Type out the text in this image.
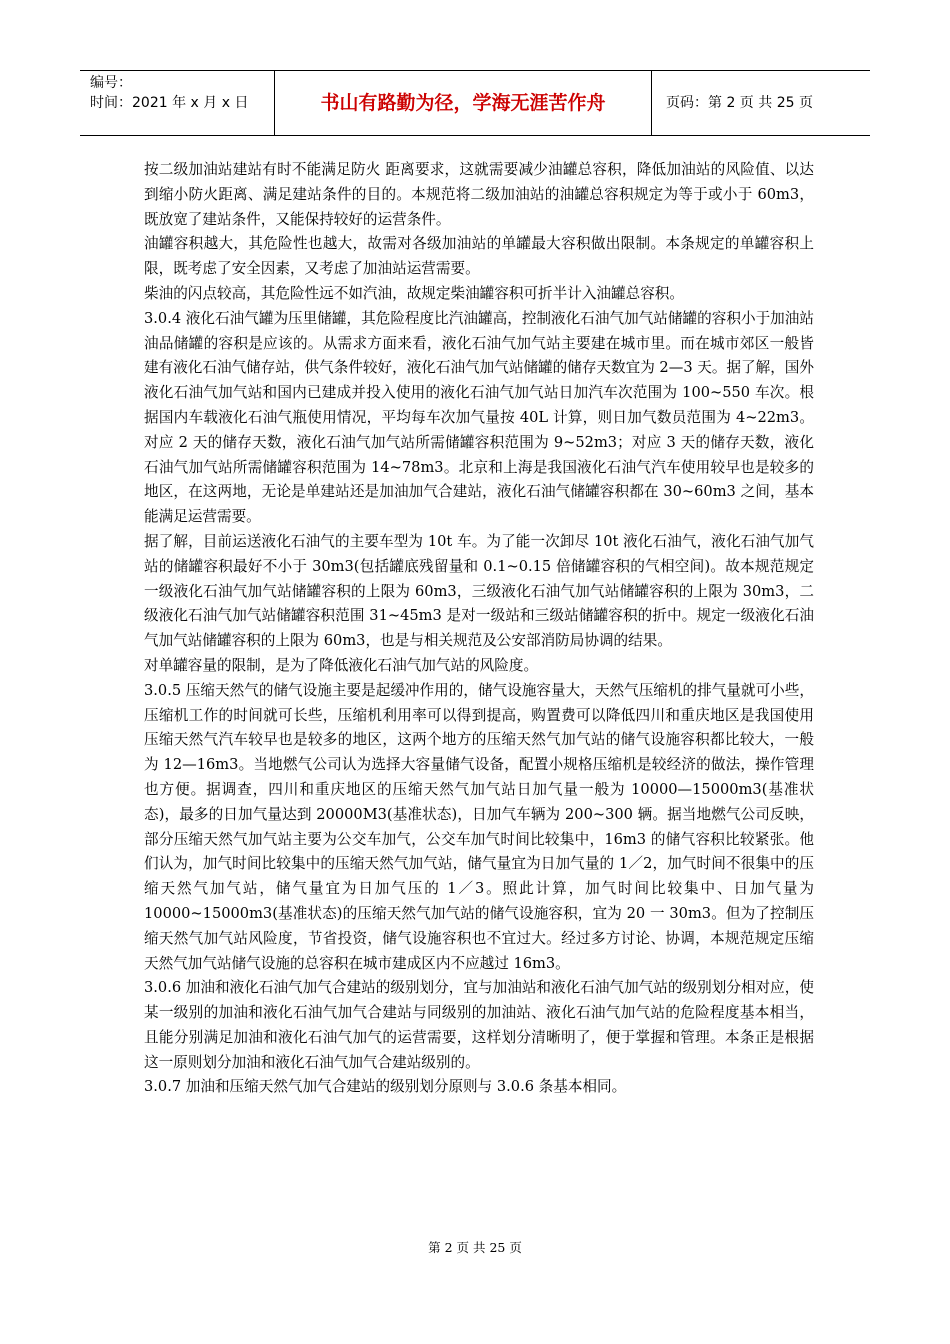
编号：
时间：2021 年 x 月 x 日	书山有路勤为径，学海无涯苦作舟	页码：第 2 页 共 25 页

按二级加油站建站有时不能满足防火 距离要求，这就需要减少油罐总容积，降低加油站的风险值、以达 到缩小防火距离、满足建站条件的目的。本规范将二级加油站的油罐总容积规定为等于或小于 60m3，既放宽了建站条件，又能保持较好的运营条件。

油罐容积越大，其危险性也越大，故需对各级加油站的单罐最大容积做出限制。本条规定的单罐容积上限，既考虑了安全因素，又考虑了加油站运营需要。

柴油的闪点较高，其危险性远不如汽油，故规定柴油罐容积可折半计入油罐总容积。

3.0.4 液化石油气罐为压里储罐，其危险程度比汽油罐高，控制液化石油气加气站储罐的容积小于加油站油品储罐的容积是应该的。从需求方面来看，液化石油气加气站主要建在城市里。而在城市郊区一般皆建有液化石油气储存站，供气条件较好，液化石油气加气站储罐的储存天数宜为 2—3 天。据了解，国外液化石油气加气站和国内已建成并投入使用的液化石油气加气站日加汽车次范围为 100~550 车次。根据国内车载液化石油气瓶使用情况，平均每车次加气量按 40L 计算，则日加气数员范围为 4~22m3。对应 2 天的储存天数，液化石油气加气站所需储罐容积范围为 9~52m3；对应 3 天的储存天数，液化石油气加气站所需储罐容积范围为 14~78m3。北京和上海是我国液化石油气汽车使用较早也是较多的地区，在这两地，无论是单建站还是加油加气合建站，液化石油气储罐容积都在 30~60m3 之间，基本能满足运营需要。

据了解，目前运送液化石油气的主要车型为 10t 车。为了能一次卸尽 10t 液化石油气，液化石油气加气站的储罐容积最好不小于 30m3(包括罐底残留量和 0.1~0.15 倍储罐容积的气相空间)。故本规范规定一级液化石油气加气站储罐容积的上限为 60m3，三级液化石油气加气站储罐容积的上限为 30m3，二级液化石油气加气站储罐容积范围 31~45m3 是对一级站和三级站储罐容积的折中。规定一级液化石油气加气站储罐容积的上限为 60m3，也是与相关规范及公安部消防局协调的结果。

对单罐容量的限制，是为了降低液化石油气加气站的风险度。

3.0.5 压缩天然气的储气设施主要是起缓冲作用的，储气设施容量大，天然气压缩机的排气量就可小些，压缩机工作的时间就可长些，压缩机利用率可以得到提高，购置费可以降低四川和重庆地区是我国使用压缩天然气汽车较早也是较多的地区，这两个地方的压缩天然气加气站的储气设施容积都比较大，一般为 12—16m3。当地燃气公司认为选择大容量储气设备，配置小规格压缩机是较经济的做法，操作管理也方便。据调查，四川和重庆地区的压缩天然气加气站日加气量一般为 10000—15000m3(基准状态)，最多的日加气量达到 20000M3(基准状态)，日加气车辆为 200~300 辆。据当地燃气公司反映，部分压缩天然气加气站主要为公交车加气，公交车加气时间比较集中，16m3 的储气容积比较紧张。他们认为，加气时间比较集中的压缩天然气加气站，储气量宜为日加气量的 1／2，加气时间不很集中的压缩天然气加气站，储气量宜为日加气压的 1／3。照此计算，加气时间比较集中、日加气量为 10000~15000m3(基准状态)的压缩天然气加气站的储气设施容积，宜为 20 一 30m3。但为了控制压缩天然气加气站风险度，节省投资，储气设施容积也不宜过大。经过多方讨论、协调，本规范规定压缩天然气加气站储气设施的总容积在城市建成区内不应越过 16m3。

3.0.6 加油和液化石油气加气合建站的级别划分，宜与加油站和液化石油气加气站的级别划分相对应，使某一级别的加油和液化石油气加气合建站与同级别的加油站、液化石油气加气站的危险程度基本相当，且能分别满足加油和液化石油气加气的运营需要，这样划分清晰明了，便于掌握和管理。本条正是根据这一原则划分加油和液化石油气加气合建站级别的。

3.0.7 加油和压缩天然气加气合建站的级别划分原则与 3.0.6 条基本相同。

第 2 页 共 25 页
